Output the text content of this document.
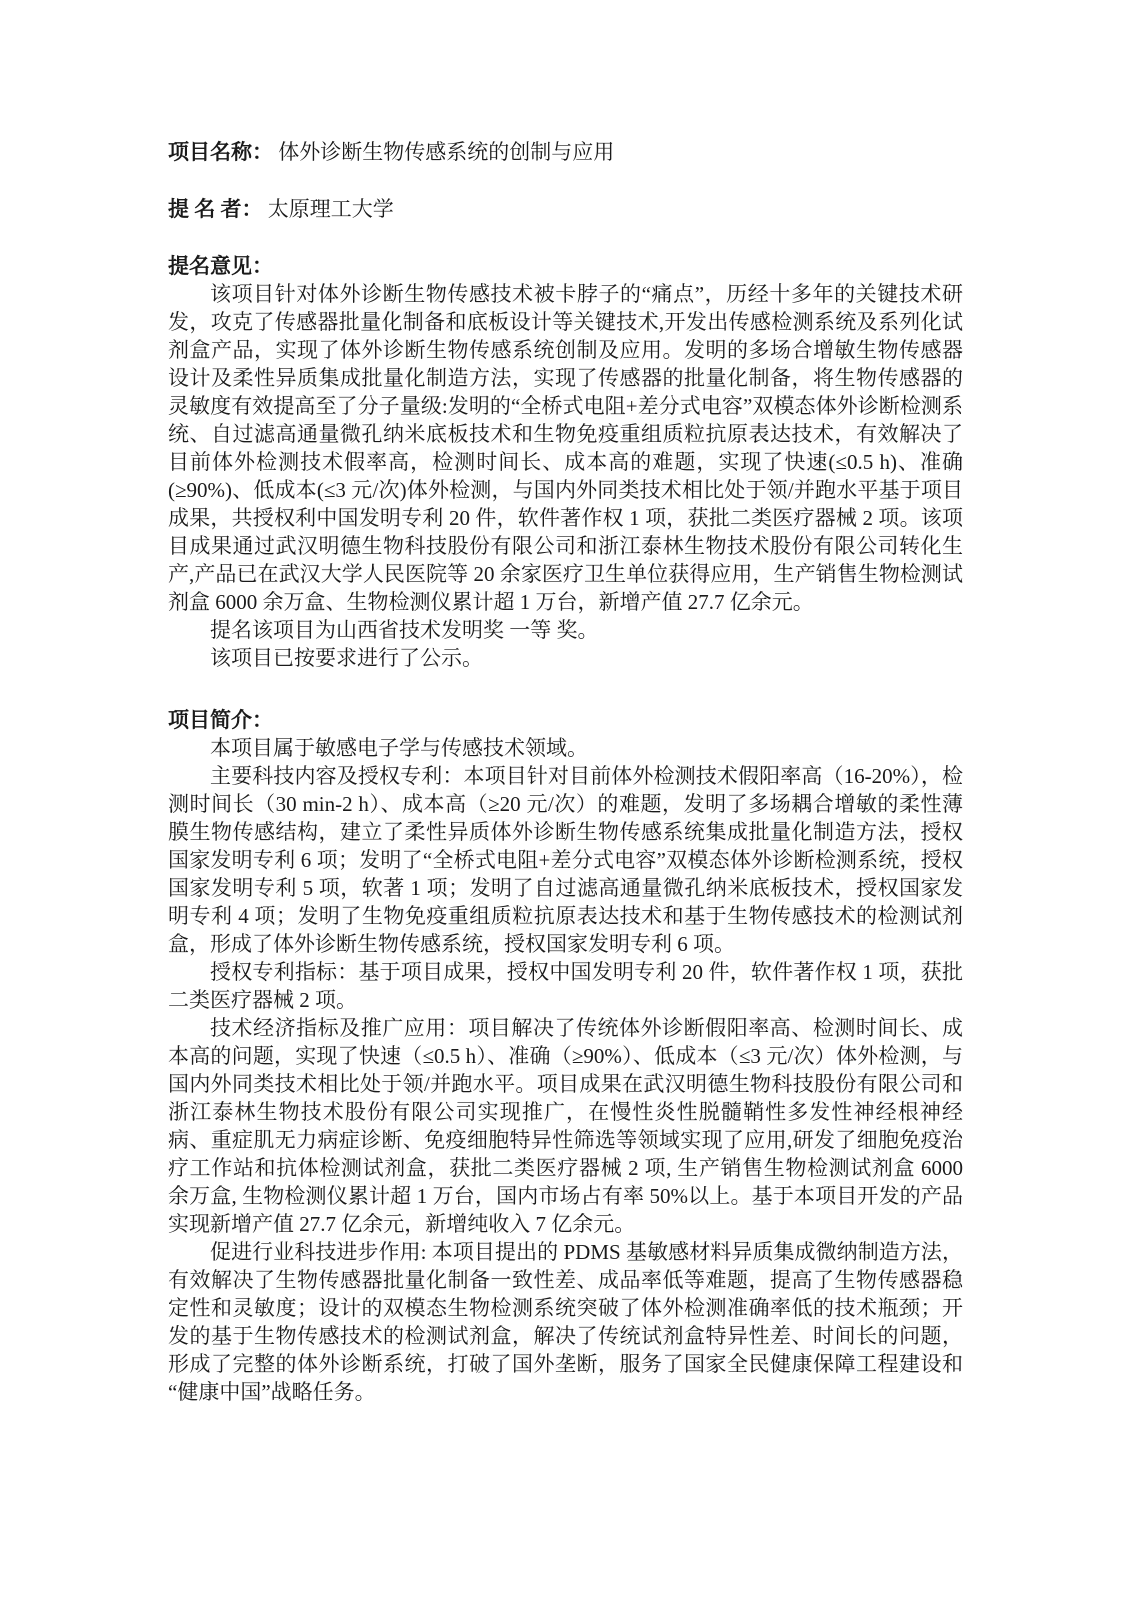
项目名称： 体外诊断生物传感系统的创制与应用

提 名 者： 太原理工大学

提名意见：

该项目针对体外诊断生物传感技术被卡脖子的“痛点”，历经十多年的关键技术研发，攻克了传感器批量化制备和底板设计等关键技术,开发出传感检测系统及系列化试剂盒产品，实现了体外诊断生物传感系统创制及应用。发明的多场合增敏生物传感器设计及柔性异质集成批量化制造方法，实现了传感器的批量化制备，将生物传感器的灵敏度有效提高至了分子量级:发明的“全桥式电阻+差分式电容”双模态体外诊断检测系统、自过滤高通量微孔纳米底板技术和生物免疫重组质粒抗原表达技术，有效解决了目前体外检测技术假率高，检测时间长、成本高的难题，实现了快速(≤0.5 h)、准确(≥90%)、低成本(≤3 元/次)体外检测，与国内外同类技术相比处于领/并跑水平基于项目成果，共授权利中国发明专利 20 件，软件著作权 1 项，获批二类医疗器械 2 项。该项目成果通过武汉明德生物科技股份有限公司和浙江泰林生物技术股份有限公司转化生产,产品已在武汉大学人民医院等 20 余家医疗卫生单位获得应用，生产销售生物检测试剂盒 6000 余万盒、生物检测仪累计超 1 万台，新增产值 27.7 亿余元。

提名该项目为山西省技术发明奖 一等 奖。

该项目已按要求进行了公示。

项目简介：

本项目属于敏感电子学与传感技术领域。

主要科技内容及授权专利：本项目针对目前体外检测技术假阳率高（16-20%），检测时间长（30 min-2 h）、成本高（≥20 元/次）的难题，发明了多场耦合增敏的柔性薄膜生物传感结构，建立了柔性异质体外诊断生物传感系统集成批量化制造方法，授权国家发明专利 6 项；发明了“全桥式电阻+差分式电容”双模态体外诊断检测系统，授权国家发明专利 5 项，软著 1 项；发明了自过滤高通量微孔纳米底板技术，授权国家发明专利 4 项；发明了生物免疫重组质粒抗原表达技术和基于生物传感技术的检测试剂盒，形成了体外诊断生物传感系统，授权国家发明专利 6 项。

授权专利指标：基于项目成果，授权中国发明专利 20 件，软件著作权 1 项，获批二类医疗器械 2 项。

技术经济指标及推广应用：项目解决了传统体外诊断假阳率高、检测时间长、成本高的问题，实现了快速（≤0.5 h）、准确（≥90%）、低成本（≤3 元/次）体外检测，与国内外同类技术相比处于领/并跑水平。项目成果在武汉明德生物科技股份有限公司和浙江泰林生物技术股份有限公司实现推广，在慢性炎性脱髓鞘性多发性神经根神经病、重症肌无力病症诊断、免疫细胞特异性筛选等领域实现了应用,研发了细胞免疫治疗工作站和抗体检测试剂盒，获批二类医疗器械 2 项, 生产销售生物检测试剂盒 6000 余万盒, 生物检测仪累计超 1 万台，国内市场占有率 50%以上。基于本项目开发的产品实现新增产值 27.7 亿余元，新增纯收入 7 亿余元。

促进行业科技进步作用: 本项目提出的 PDMS 基敏感材料异质集成微纳制造方法，有效解决了生物传感器批量化制备一致性差、成品率低等难题，提高了生物传感器稳定性和灵敏度；设计的双模态生物检测系统突破了体外检测准确率低的技术瓶颈；开发的基于生物传感技术的检测试剂盒，解决了传统试剂盒特异性差、时间长的问题，形成了完整的体外诊断系统，打破了国外垄断，服务了国家全民健康保障工程建设和“健康中国”战略任务。
